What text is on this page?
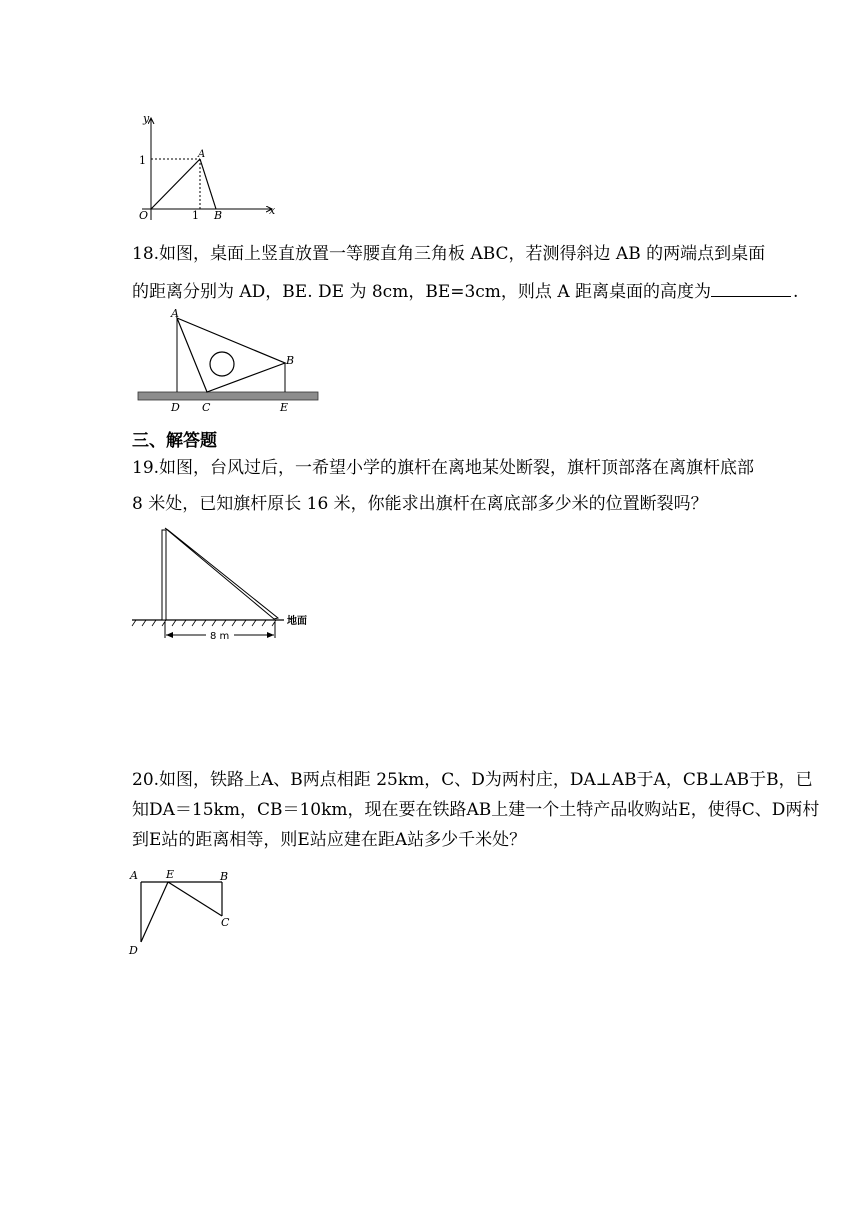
y
x
O
A
B
1
1
18.如图，桌面上竖直放置一等腰直角三角板 ABC，若测得斜边 AB 的两端点到桌面
的距离分别为 AD，BE. DE 为 8cm，BE=3cm，则点 A 距离桌面的高度为	.
A
B
C
D	E
三、解答题
19.如图，台风过后，一希望小学的旗杆在离地某处断裂，旗杆顶部落在离旗杆底部
8 米处，已知旗杆原长 16 米，你能求出旗杆在离底部多少米的位置断裂吗？
8 m
地面
20.如图，铁路上A、B两点相距 25km，C、D为两村庄，DA⊥AB于A，CB⊥AB于B，已
知DA＝15km，CB＝10km，现在要在铁路AB上建一个土特产品收购站E，使得C、D两村
到E站的距离相等，则E站应建在距A站多少千米处？
A	E	B
C
D
